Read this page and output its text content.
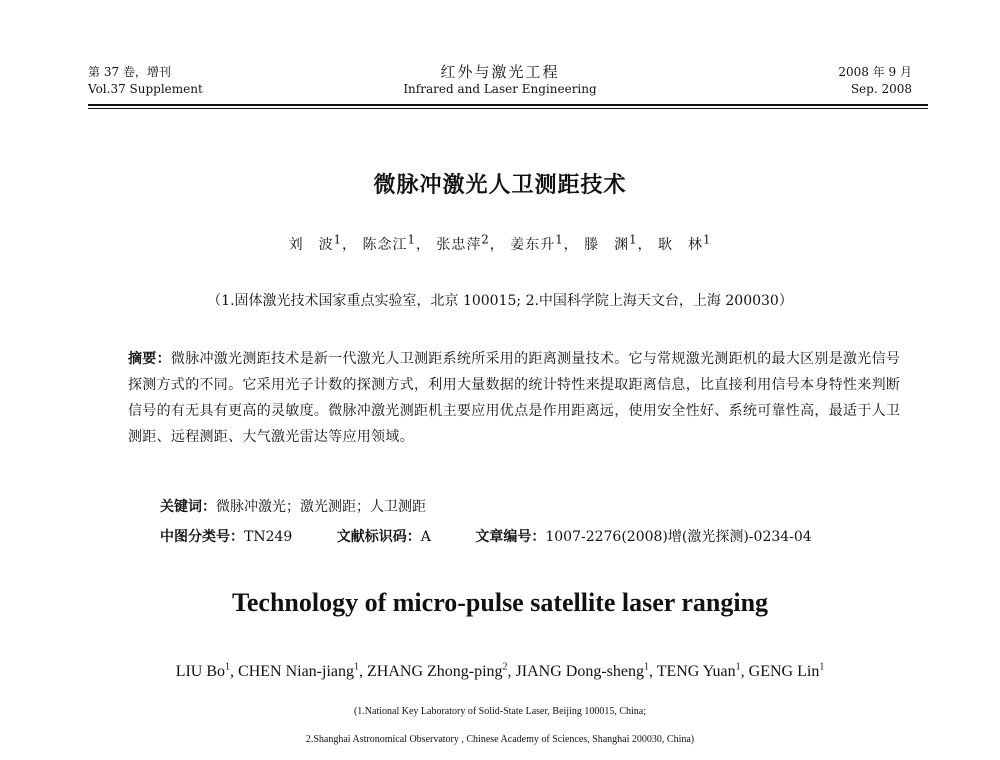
第 37 卷，增刊
Vol.37 Supplement
红外与激光工程
Infrared and Laser Engineering
2008 年 9 月
Sep. 2008
微脉冲激光人卫测距技术
刘　波$^1$， 陈念江$^1$， 张忠萍$^2$， 姜东升$^1$， 滕　渊$^1$， 耿　林$^1$
（1.固体激光技术国家重点实验室，北京 100015; 2.中国科学院上海天文台，上海 200030）
摘要：微脉冲激光测距技术是新一代激光人卫测距系统所采用的距离测量技术。它与常规激光测距机的最大区别是激光信号探测方式的不同。它采用光子计数的探测方式，利用大量数据的统计特性来提取距离信息，比直接利用信号本身特性来判断信号的有无具有更高的灵敏度。微脉冲激光测距机主要应用优点是作用距离远，使用安全性好、系统可靠性高，最适于人卫测距、远程测距、大气激光雷达等应用领域。
关键词：微脉冲激光；激光测距；人卫测距
中图分类号：TN249	文献标识码：A	文章编号：1007-2276(2008)增(激光探测)-0234-04
Technology of micro-pulse satellite laser ranging
LIU Bo$^1$, CHEN Nian-jiang$^1$, ZHANG Zhong-ping$^2$, JIANG Dong-sheng$^1$, TENG Yuan$^1$, GENG Lin$^1$
(1.National Key Laboratory of Solid-State Laser, Beijing 100015, China;
2.Shanghai Astronomical Observatory , Chinese Academy of Sciences, Shanghai 200030, China)
